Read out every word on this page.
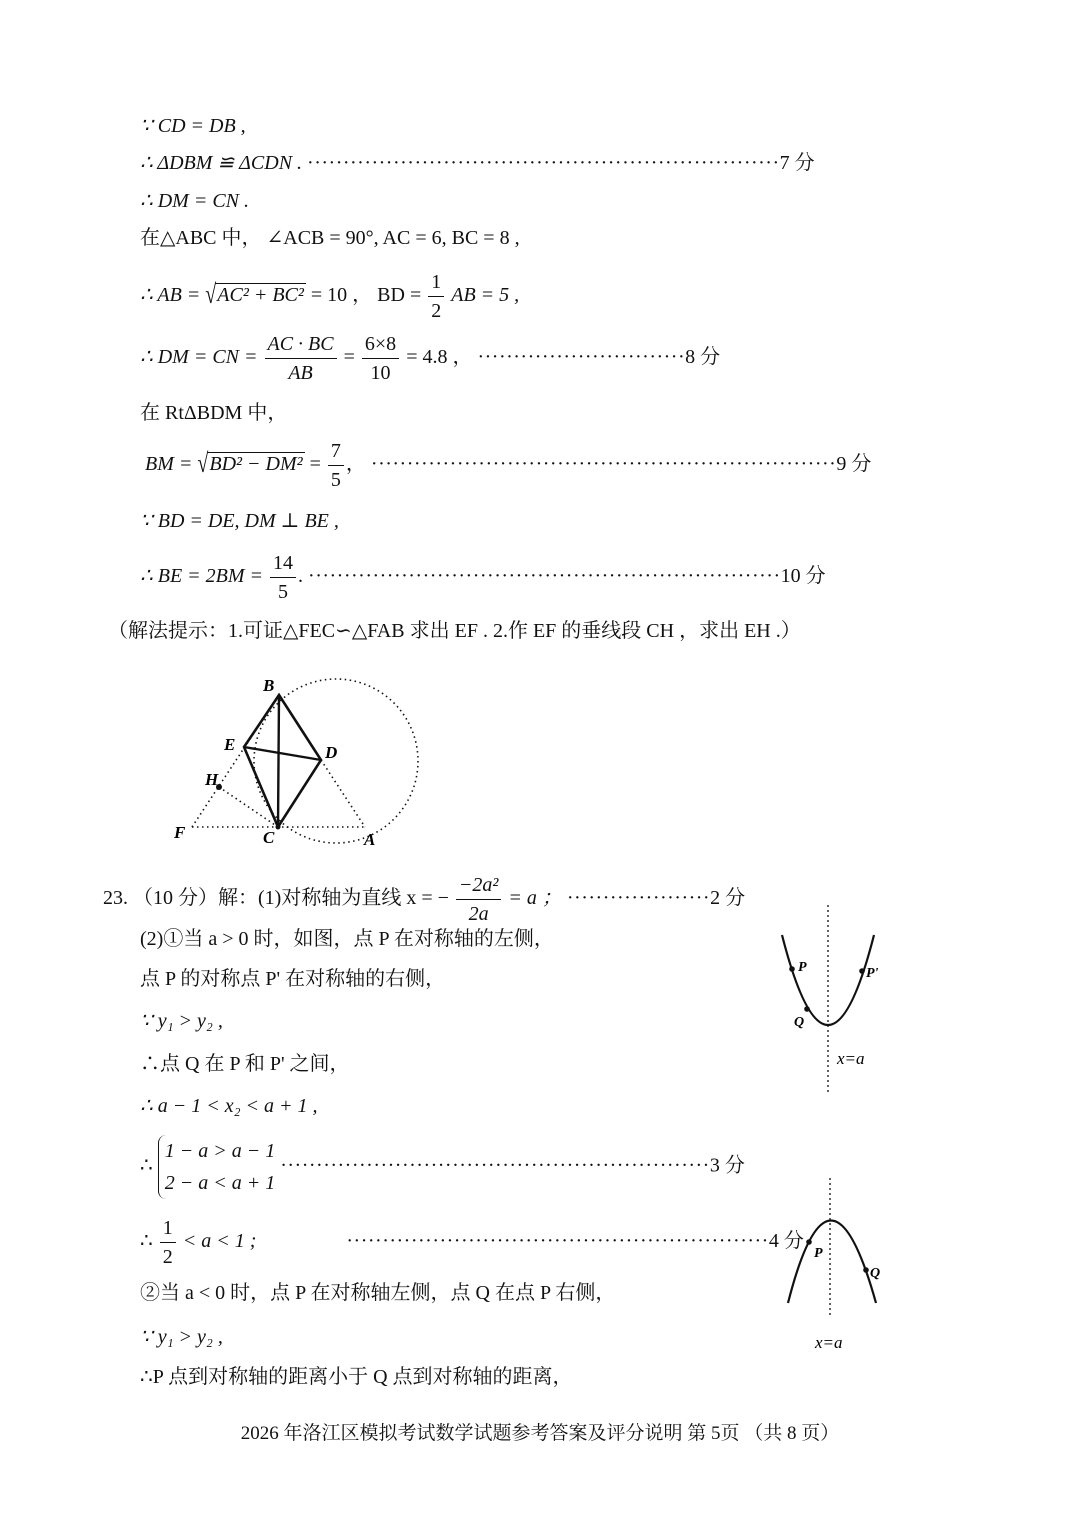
∵ CD = DB ,
∴ ΔDBM ≌ ΔCDN . ··································································7 分
∴ DM = CN .
在△ABC 中， ∠ACB = 90°, AC = 6, BC = 8 ,
∴ AB = √AC² + BC² = 10 ， BD = $\frac{1}{2}$ AB = 5 ,
∴ DM = CN = $\frac{AC \cdot BC}{AB} = \frac{6\times 8}{10} = 4.8$ ， ·····························8 分
在 RtΔBDM 中，
BM = $√BD^2 - DM^2 = \frac{7}{5}$ ， ·································································9 分
∵ BD = DE, DM ⊥ BE ,
∴ BE = $2BM = \frac{14}{5}$ . ··································································10 分
（解法提示：1.可证△FEC∽△FAB 求出 EF . 2.作 EF 的垂线段 CH ，求出 EH .）
B
E	D
H
F	C	A
23. （10 分）解：(1)对称轴为直线 x = − $\frac{\text{−2a²}}{2a} = a$ ； ····················2 分
(2)①当 a > 0 时，如图，点 P 在对称轴的左侧，
点 P 的对称点 P' 在对称轴的右侧，
∵ y₁ > y₂ ,
∴点 Q 在 P 和 P' 之间，
∴ a − 1 < x₂ < a + 1 ,
∴
1 − a > a − 1
2 − a < a + 1
····························································3 分
∴ $\frac{1}{2} < a < 1$ ;	···························································4 分
②当 a < 0 时，点 P 在对称轴左侧，点 Q 在点 P 右侧，
∵ y₁ > y₂ ,
∴P 点到对称轴的距离小于 Q 点到对称轴的距离，
P	P'
Q
x=a
P
Q
x=a
2026 年洛江区模拟考试数学试题参考答案及评分说明 第 5页 （共 8 页）
